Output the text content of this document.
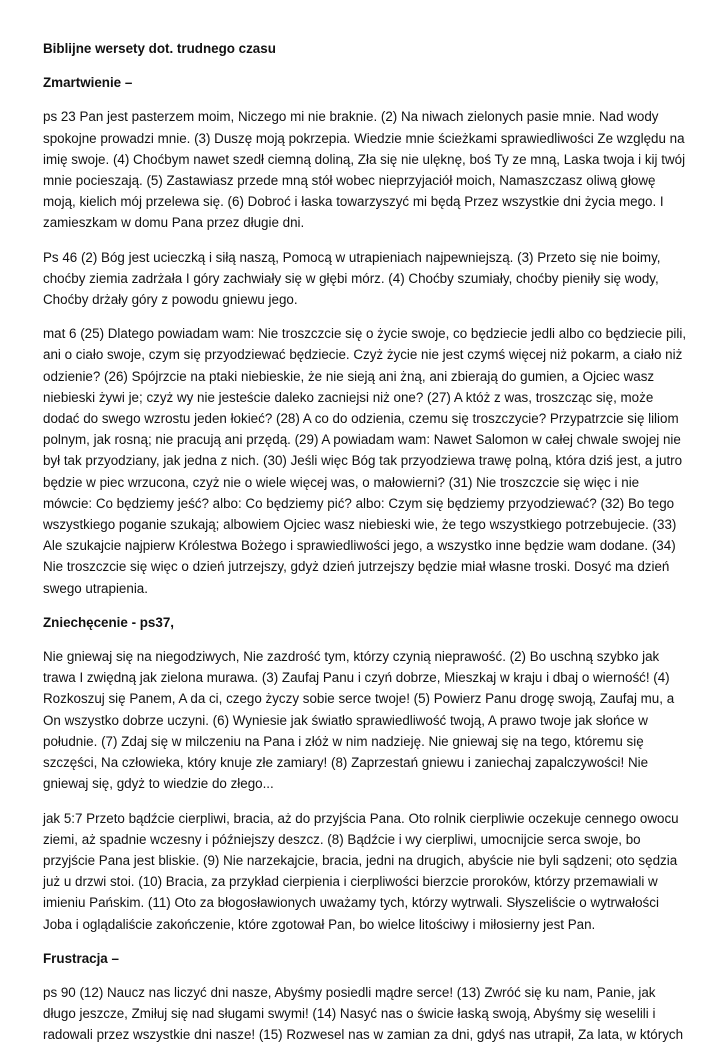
Biblijne wersety dot. trudnego czasu
Zmartwienie –

ps 23 Pan jest pasterzem moim, Niczego mi nie braknie. (2) Na niwach zielonych pasie mnie. Nad wody spokojne prowadzi mnie. (3) Duszę moją pokrzepia. Wiedzie mnie ścieżkami sprawiedliwości Ze względu na imię swoje. (4) Choćbym nawet szedł ciemną doliną, Zła się nie ulęknę, boś Ty ze mną, Laska twoja i kij twój mnie pocieszają. (5) Zastawiasz przede mną stół wobec nieprzyjaciół moich, Namaszczasz oliwą głowę moją, kielich mój przelewa się. (6) Dobroć i łaska towarzyszyć mi będą Przez wszystkie dni życia mego. I zamieszkam w domu Pana przez długie dni.

Ps 46 (2) Bóg jest ucieczką i siłą naszą, Pomocą w utrapieniach najpewniejszą. (3) Przeto się nie boimy, choćby ziemia zadrżała I góry zachwiały się w głębi mórz. (4) Choćby szumiały, choćby pieniły się wody, Choćby drżały góry z powodu gniewu jego.

mat 6 (25) Dlatego powiadam wam: Nie troszczcie się o życie swoje, co będziecie jedli albo co będziecie pili, ani o ciało swoje, czym się przyodziewać będziecie. Czyż życie nie jest czymś więcej niż pokarm, a ciało niż odzienie? (26) Spójrzcie na ptaki niebieskie, że nie sieją ani żną, ani zbierają do gumien, a Ojciec wasz niebieski żywi je; czyż wy nie jesteście daleko zacniejsi niż one? (27) A któż z was, troszcząc się, może dodać do swego wzrostu jeden łokieć? (28) A co do odzienia, czemu się troszczycie? Przypatrzcie się liliom polnym, jak rosną; nie pracują ani przędą. (29) A powiadam wam: Nawet Salomon w całej chwale swojej nie był tak przyodziany, jak jedna z nich. (30) Jeśli więc Bóg tak przyodziewa trawę polną, która dziś jest, a jutro będzie w piec wrzucona, czyż nie o wiele więcej was, o małowierni? (31) Nie troszczcie się więc i nie mówcie: Co będziemy jeść? albo: Co będziemy pić? albo: Czym się będziemy przyodziewać? (32) Bo tego wszystkiego poganie szukają; albowiem Ojciec wasz niebieski wie, że tego wszystkiego potrzebujecie. (33) Ale szukajcie najpierw Królestwa Bożego i sprawiedliwości jego, a wszystko inne będzie wam dodane. (34) Nie troszczcie się więc o dzień jutrzejszy, gdyż dzień jutrzejszy będzie miał własne troski. Dosyć ma dzień swego utrapienia.

Zniechęcenie - ps37,

Nie gniewaj się na niegodziwych, Nie zazdrość tym, którzy czynią nieprawość. (2) Bo uschną szybko jak trawa I zwiędną jak zielona murawa. (3) Zaufaj Panu i czyń dobrze, Mieszkaj w kraju i dbaj o wierność! (4) Rozkoszuj się Panem, A da ci, czego życzy sobie serce twoje! (5) Powierz Panu drogę swoją, Zaufaj mu, a On wszystko dobrze uczyni. (6) Wyniesie jak światło sprawiedliwość twoją, A prawo twoje jak słońce w południe. (7) Zdaj się w milczeniu na Pana i złóż w nim nadzieję. Nie gniewaj się na tego, któremu się szczęści, Na człowieka, który knuje złe zamiary! (8) Zaprzestań gniewu i zaniechaj zapalczywości! Nie gniewaj się, gdyż to wiedzie do złego...

jak 5:7 Przeto bądźcie cierpliwi, bracia, aż do przyjścia Pana. Oto rolnik cierpliwie oczekuje cennego owocu ziemi, aż spadnie wczesny i późniejszy deszcz. (8) Bądźcie i wy cierpliwi, umocnijcie serca swoje, bo przyjście Pana jest bliskie. (9) Nie narzekajcie, bracia, jedni na drugich, abyście nie byli sądzeni; oto sędzia już u drzwi stoi. (10) Bracia, za przykład cierpienia i cierpliwości bierzcie proroków, którzy przemawiali w imieniu Pańskim. (11) Oto za błogosławionych uważamy tych, którzy wytrwali. Słyszeliście o wytrwałości Joba i oglądaliście zakończenie, które zgotował Pan, bo wielce litościwy i miłosierny jest Pan.

Frustracja –

ps 90 (12) Naucz nas liczyć dni nasze, Abyśmy posiedli mądre serce! (13) Zwróć się ku nam, Panie, jak długo jeszcze, Zmiłuj się nad sługami swymi! (14) Nasyć nas o świcie łaską swoją, Abyśmy się weselili i radowali przez wszystkie dni nasze! (15) Rozwesel nas w zamian za dni, gdyś nas utrapił, Za lata, w których
